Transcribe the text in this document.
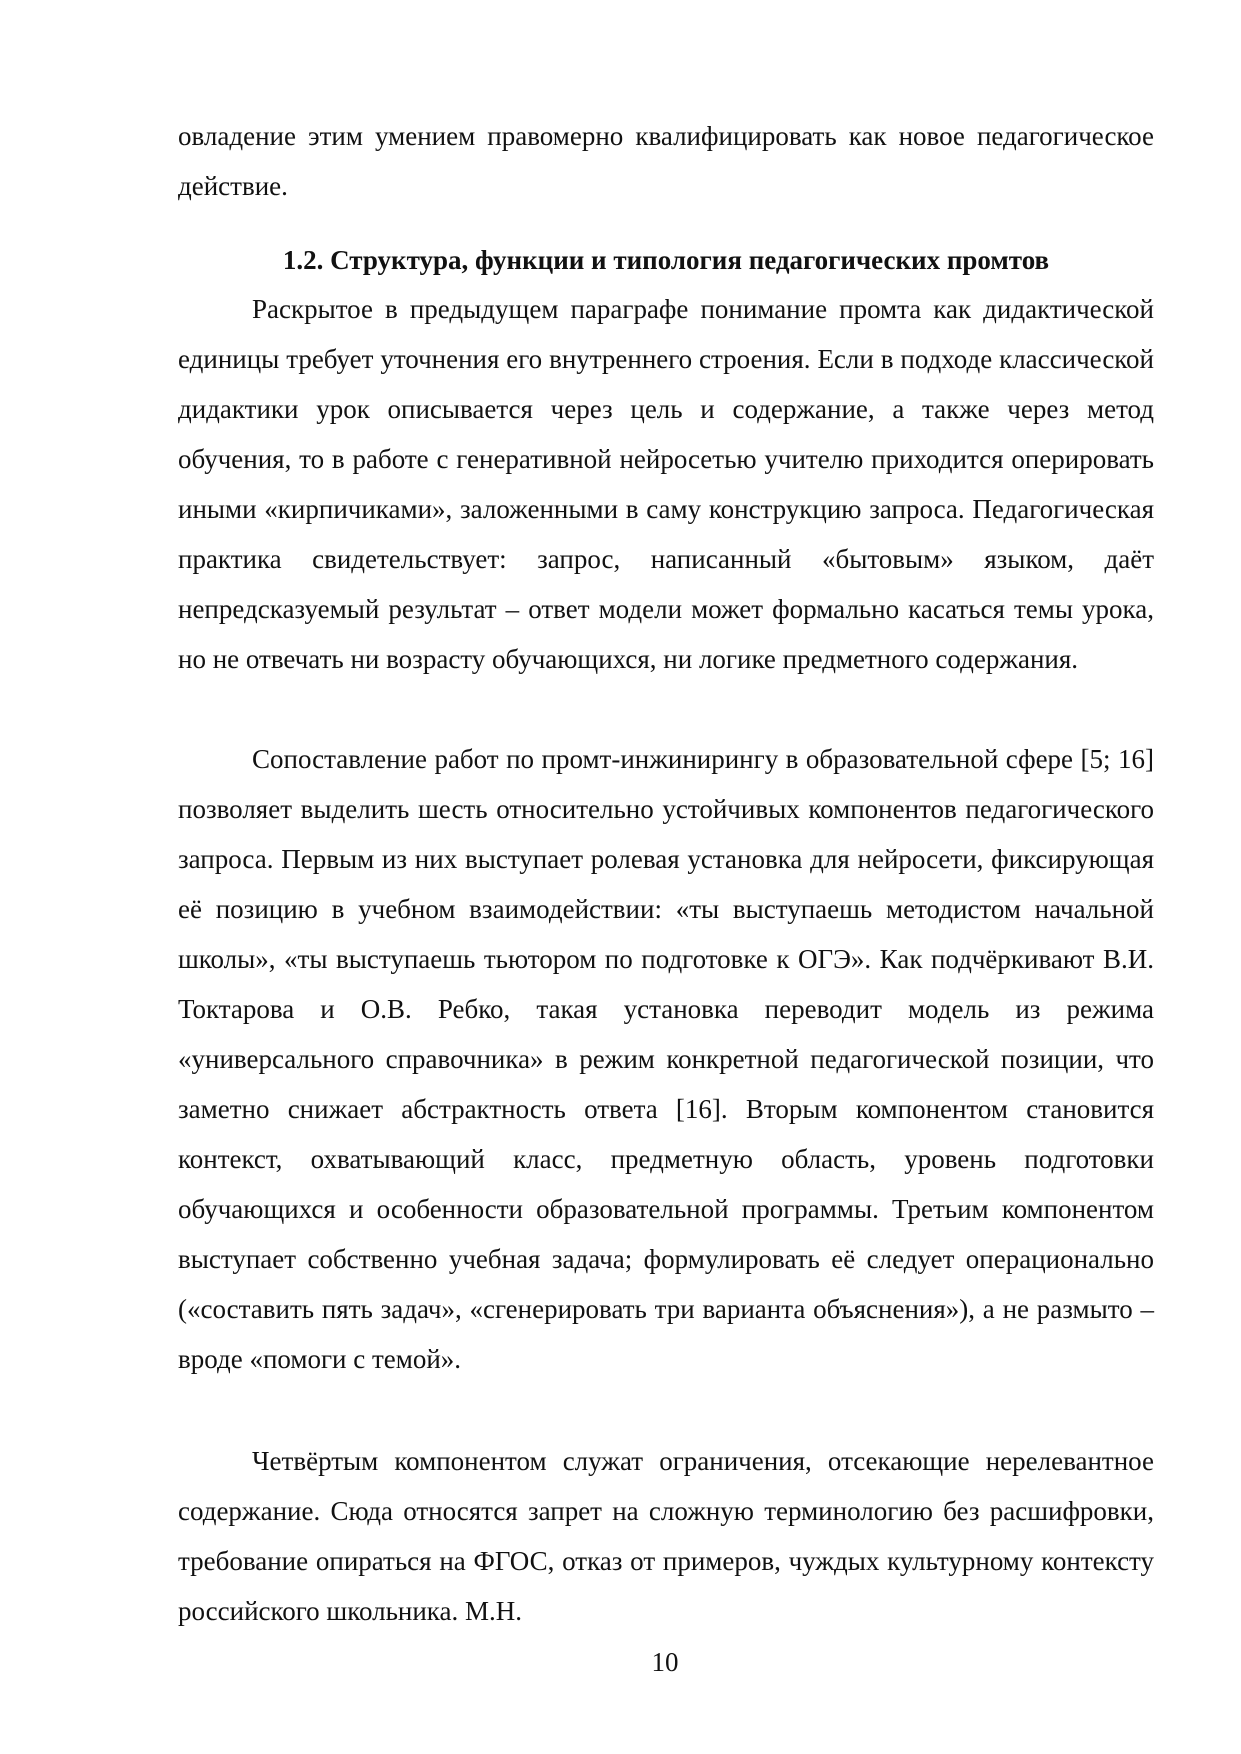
овладение этим умением правомерно квалифицировать как новое педагогическое действие.

1.2. Структура, функции и типология педагогических промтов

Раскрытое в предыдущем параграфе понимание промта как дидактической единицы требует уточнения его внутреннего строения. Если в подходе классической дидактики урок описывается через цель и содержание, а также через метод обучения, то в работе с генеративной нейросетью учителю приходится оперировать иными «кирпичиками», заложенными в саму конструкцию запроса. Педагогическая практика свидетельствует: запрос, написанный «бытовым» языком, даёт непредсказуемый результат – ответ модели может формально касаться темы урока, но не отвечать ни возрасту обучающихся, ни логике предметного содержания.

Сопоставление работ по промт-инжинирингу в образовательной сфере [5; 16] позволяет выделить шесть относительно устойчивых компонентов педагогического запроса. Первым из них выступает ролевая установка для нейросети, фиксирующая её позицию в учебном взаимодействии: «ты выступаешь методистом начальной школы», «ты выступаешь тьютором по подготовке к ОГЭ». Как подчёркивают В.И. Токтарова и О.В. Ребко, такая установка переводит модель из режима «универсального справочника» в режим конкретной педагогической позиции, что заметно снижает абстрактность ответа [16]. Вторым компонентом становится контекст, охватывающий класс, предметную область, уровень подготовки обучающихся и особенности образовательной программы. Третьим компонентом выступает собственно учебная задача; формулировать её следует операционально («составить пять задач», «сгенерировать три варианта объяснения»), а не размыто – вроде «помоги с темой».

Четвёртым компонентом служат ограничения, отсекающие нерелевантное содержание. Сюда относятся запрет на сложную терминологию без расшифровки, требование опираться на ФГОС, отказ от примеров, чуждых культурному контексту российского школьника. М.Н.

10
